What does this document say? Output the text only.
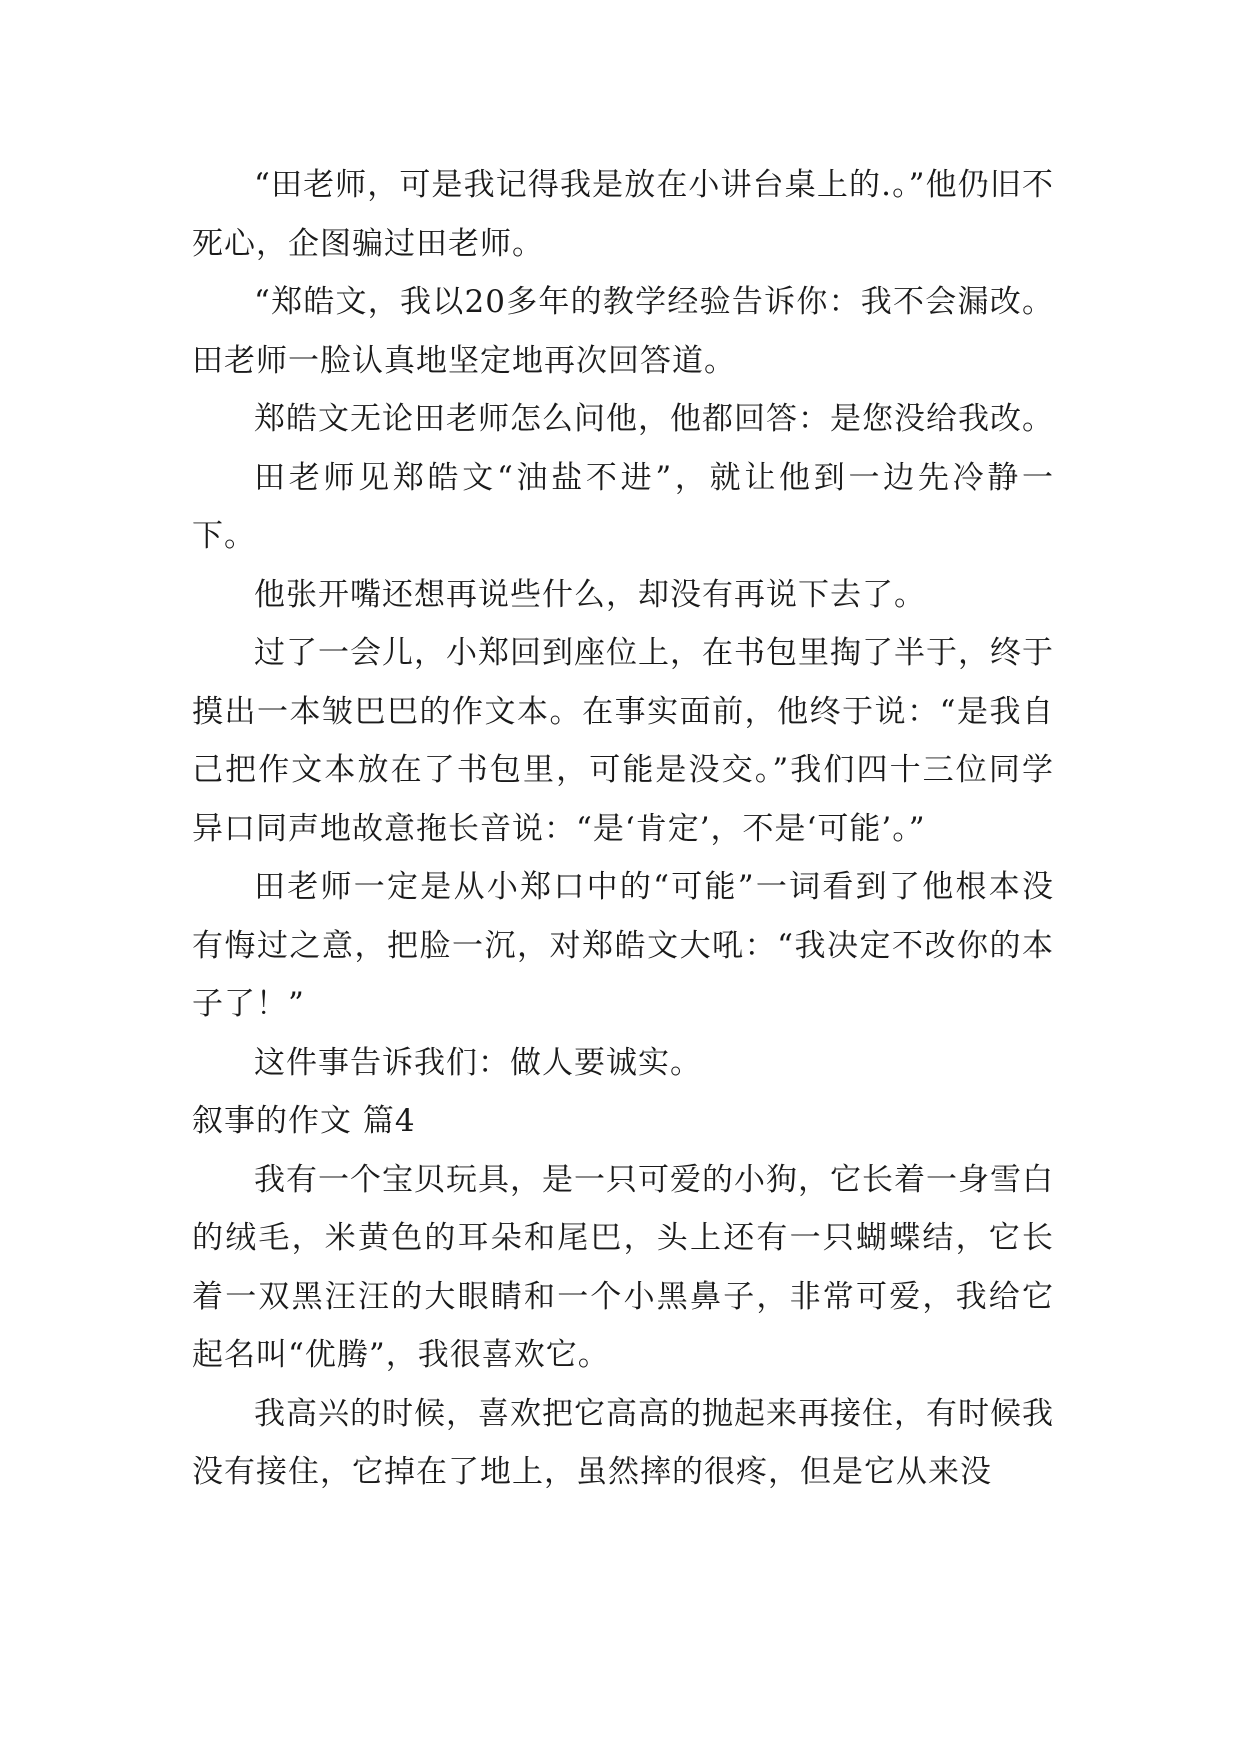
“田老师，可是我记得我是放在小讲台桌上的.。”他仍旧不死心，企图骗过田老师。

“郑皓文，我以20多年的教学经验告诉你：我不会漏改。田老师一脸认真地坚定地再次回答道。

郑皓文无论田老师怎么问他，他都回答：是您没给我改。

田老师见郑皓文“油盐不进”，就让他到一边先冷静一下。

他张开嘴还想再说些什么，却没有再说下去了。

过了一会儿，小郑回到座位上，在书包里掏了半于，终于摸出一本皱巴巴的作文本。在事实面前，他终于说：“是我自己把作文本放在了书包里，可能是没交。”我们四十三位同学异口同声地故意拖长音说：“是‘肯定’，不是‘可能’。”

田老师一定是从小郑口中的“可能”一词看到了他根本没有悔过之意，把脸一沉，对郑皓文大吼：“我决定不改你的本子了！”

这件事告诉我们：做人要诚实。

叙事的作文 篇4

我有一个宝贝玩具，是一只可爱的小狗，它长着一身雪白的绒毛，米黄色的耳朵和尾巴，头上还有一只蝴蝶结，它长着一双黑汪汪的大眼睛和一个小黑鼻子，非常可爱，我给它起名叫“优腾”，我很喜欢它。

我高兴的时候，喜欢把它高高的抛起来再接住，有时候我没有接住，它掉在了地上，虽然摔的很疼，但是它从来没
